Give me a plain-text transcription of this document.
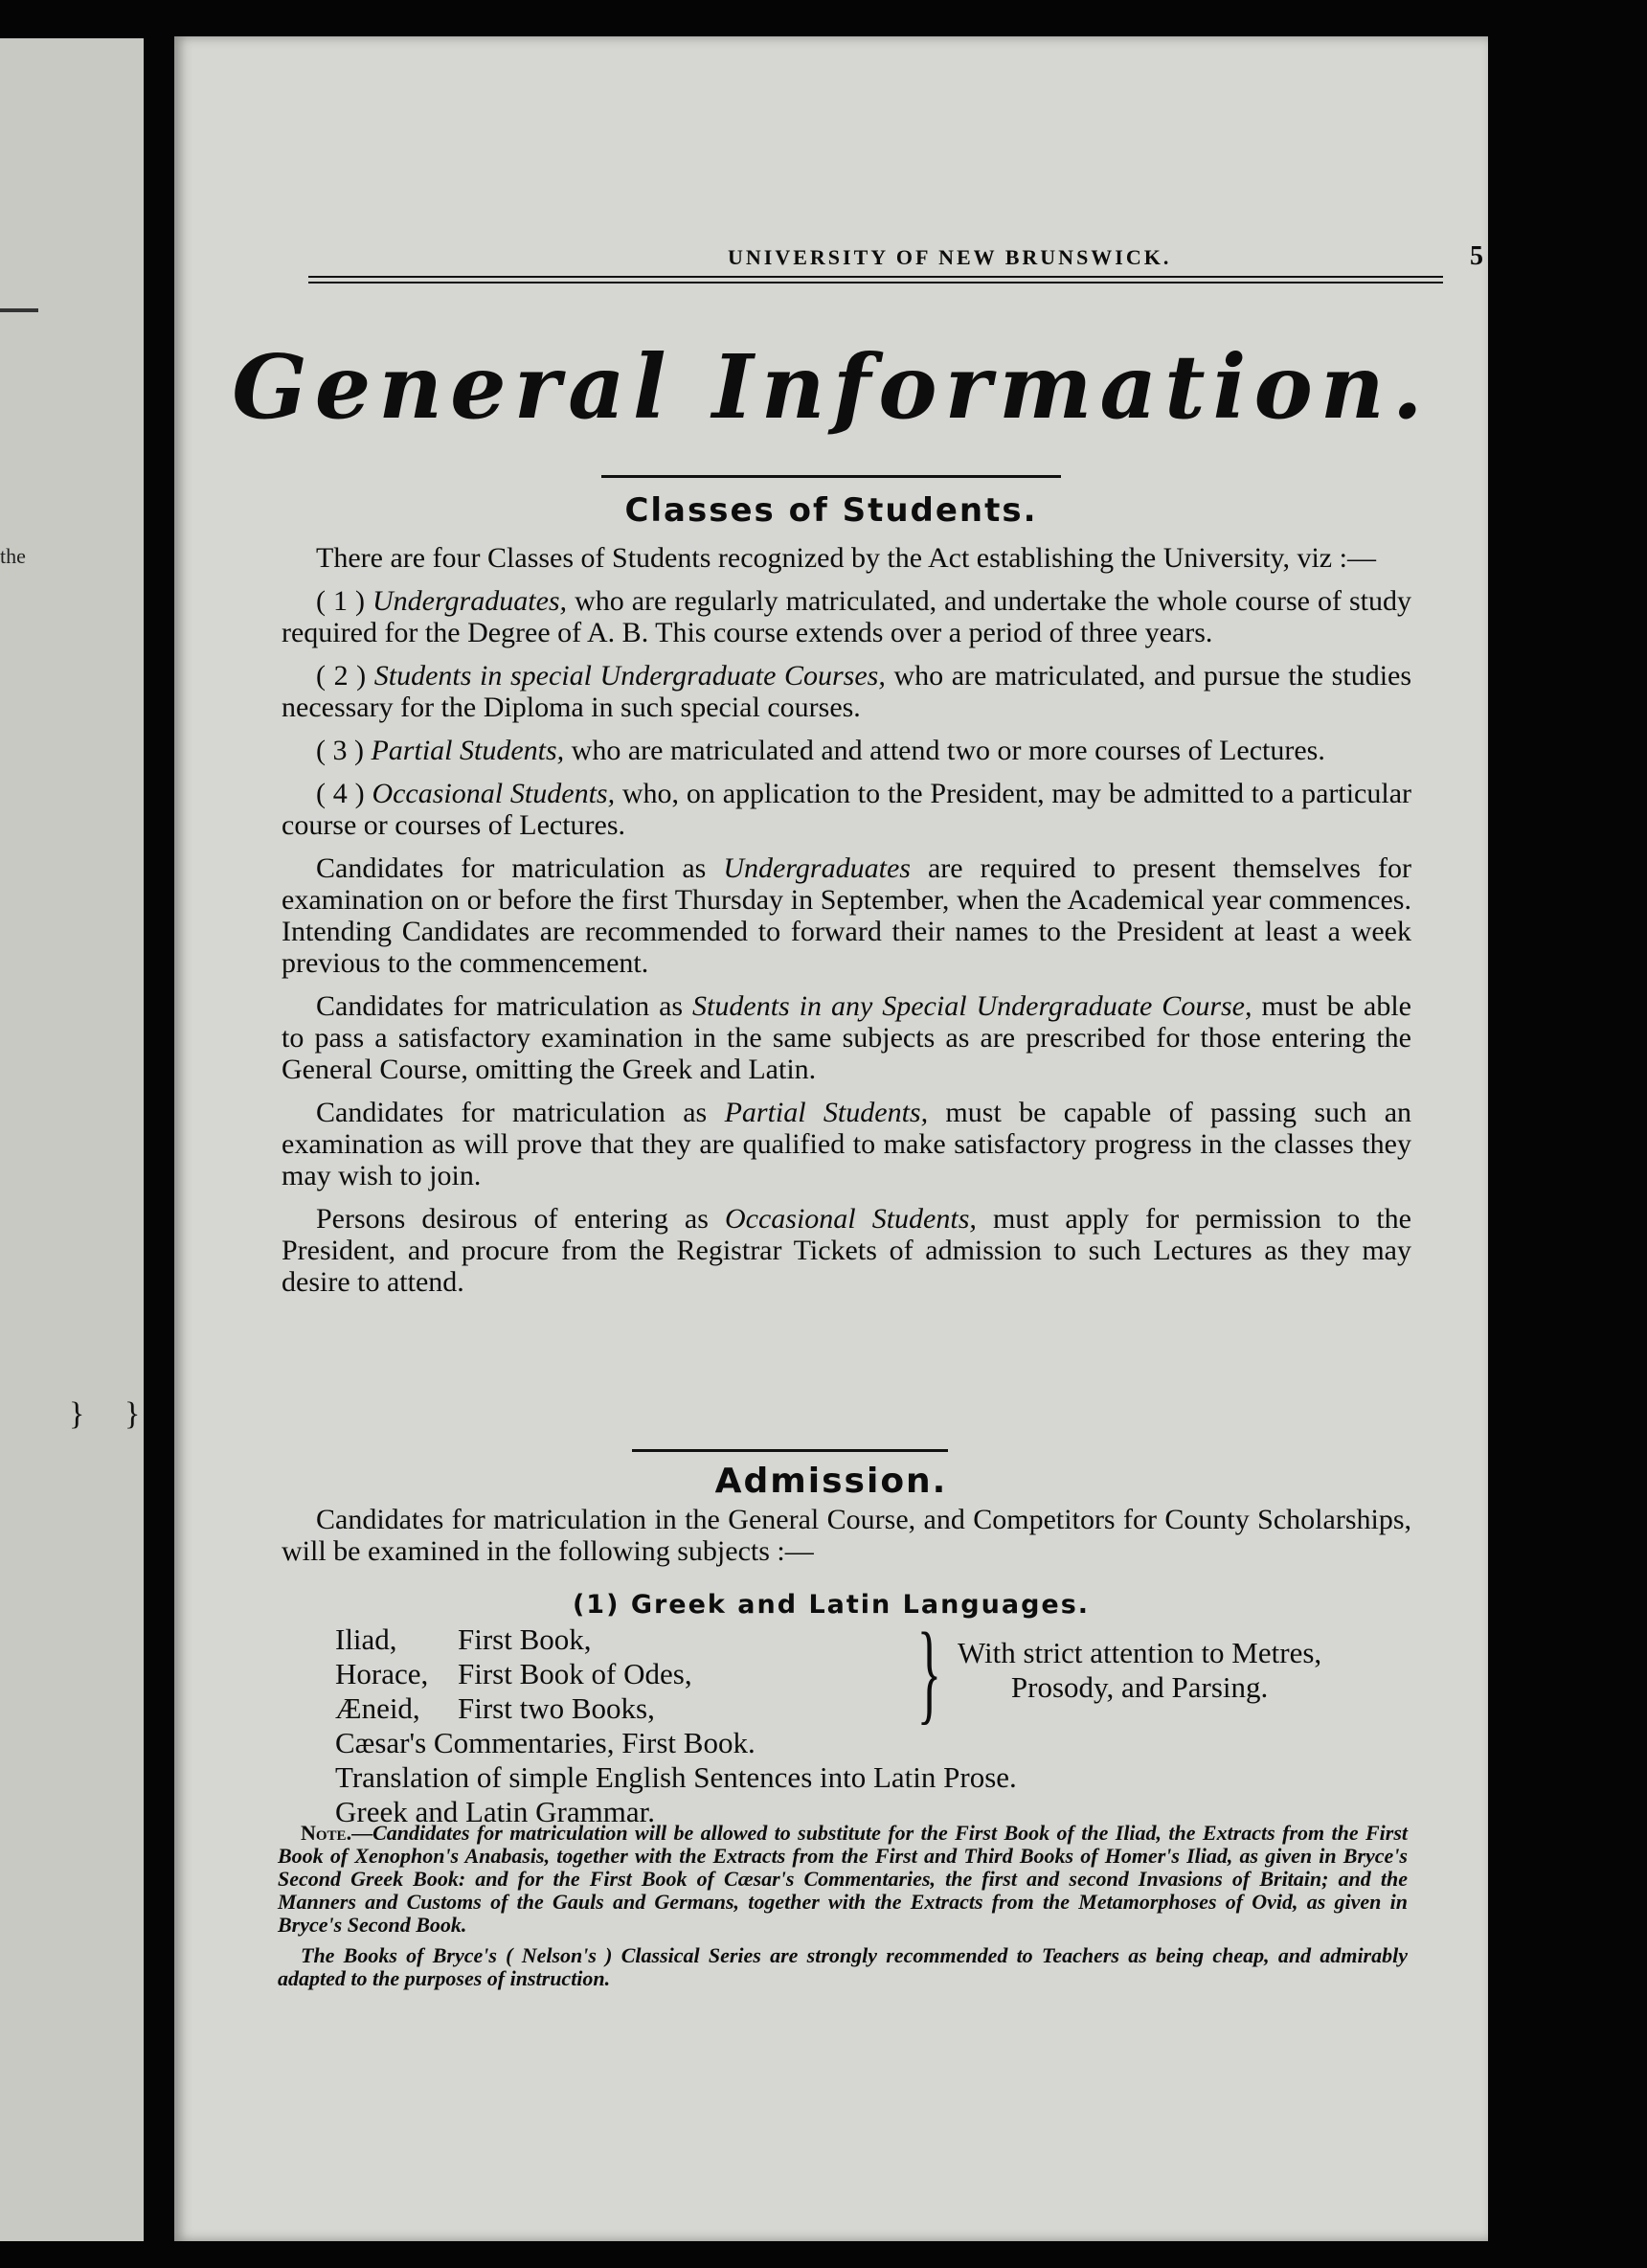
the
} }
UNIVERSITY OF NEW BRUNSWICK.	5
General Information.
Classes of Students.

There are four Classes of Students recognized by the Act establishing the University, viz :—

( 1 ) Undergraduates, who are regularly matriculated, and undertake the whole course of study required for the Degree of A. B. This course extends over a period of three years.

( 2 ) Students in special Undergraduate Courses, who are matriculated, and pursue the studies necessary for the Diploma in such special courses.

( 3 ) Partial Students, who are matriculated and attend two or more courses of Lectures.

( 4 ) Occasional Students, who, on application to the President, may be admitted to a particular course or courses of Lectures.

Candidates for matriculation as Undergraduates are required to present themselves for examination on or before the first Thursday in September, when the Academical year commences. Intending Candidates are recommended to forward their names to the President at least a week previous to the commencement.

Candidates for matriculation as Students in any Special Undergraduate Course, must be able to pass a satisfactory examination in the same subjects as are prescribed for those entering the General Course, omitting the Greek and Latin.

Candidates for matriculation as Partial Students, must be capable of passing such an examination as will prove that they are qualified to make satisfactory progress in the classes they may wish to join.

Persons desirous of entering as Occasional Students, must apply for permission to the President, and procure from the Registrar Tickets of admission to such Lectures as they may desire to attend.

Admission.

Candidates for matriculation in the General Course, and Competitors for County Scholarships, will be examined in the following subjects :—

(1) Greek and Latin Languages.
Iliad,	First Book,
Horace, First Book of Odes,
Æneid,	First two Books, } With strict attention to Metres,
Prosody, and Parsing.
Cæsar's Commentaries, First Book.
Translation of simple English Sentences into Latin Prose.
Greek and Latin Grammar.

Note.—Candidates for matriculation will be allowed to substitute for the First Book of the Iliad, the Extracts from the First Book of Xenophon's Anabasis, together with the Extracts from the First and Third Books of Homer's Iliad, as given in Bryce's Second Greek Book: and for the First Book of Cæsar's Commentaries, the first and second Invasions of Britain; and the Manners and Customs of the Gauls and Germans, together with the Extracts from the Metamorphoses of Ovid, as given in Bryce's Second Book.

The Books of Bryce's ( Nelson's ) Classical Series are strongly recommended to Teachers as being cheap, and admirably adapted to the purposes of instruction.
